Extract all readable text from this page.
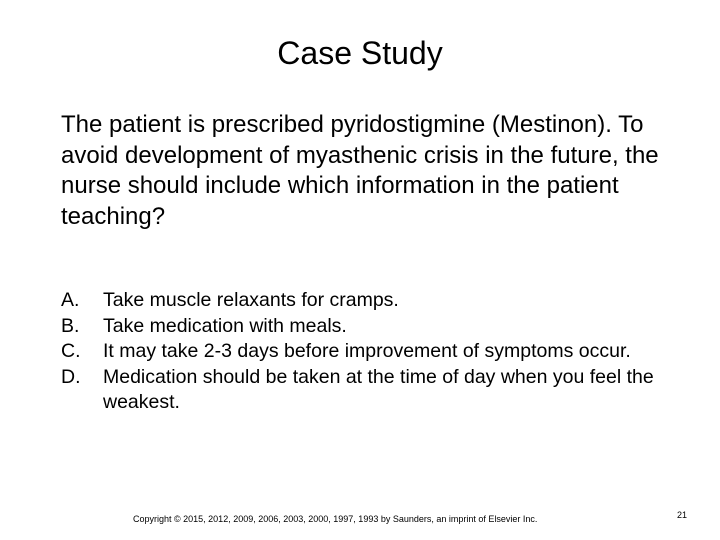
Case Study

The patient is prescribed pyridostigmine (Mestinon). To avoid development of myasthenic crisis in the future, the nurse should include which information in the patient teaching?

A. Take muscle relaxants for cramps.
B. Take medication with meals.
C. It may take 2-3 days before improvement of symptoms occur.
D. Medication should be taken at the time of day when you feel the weakest.
Copyright © 2015, 2012, 2009, 2006, 2003, 2000, 1997, 1993 by Saunders, an imprint of Elsevier Inc.	21
